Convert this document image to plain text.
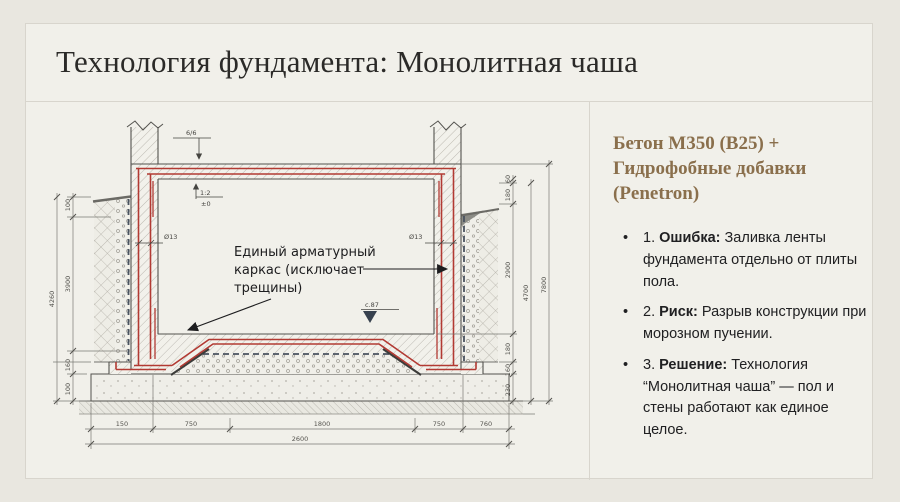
Технология фундамента: Монолитная чаша
Единый арматурный
каркас (исключает
трещины)
6/6
1:2
±0
Ø13	Ø13
с.87
100
3900
160
100
4260
60
180
2900
180
160
230
4700 7800
150	750	1800	750	760
2600
Бетон М350 (В25) + Гидрофобные добавки (Penetron)
• 1. Ошибка: Заливка ленты фундамента отдельно от плиты пола.
• 2. Риск: Разрыв конструкции при морозном пучении.
• 3. Решение: Технология “Монолитная чаша” — пол и стены работают как единое целое.
